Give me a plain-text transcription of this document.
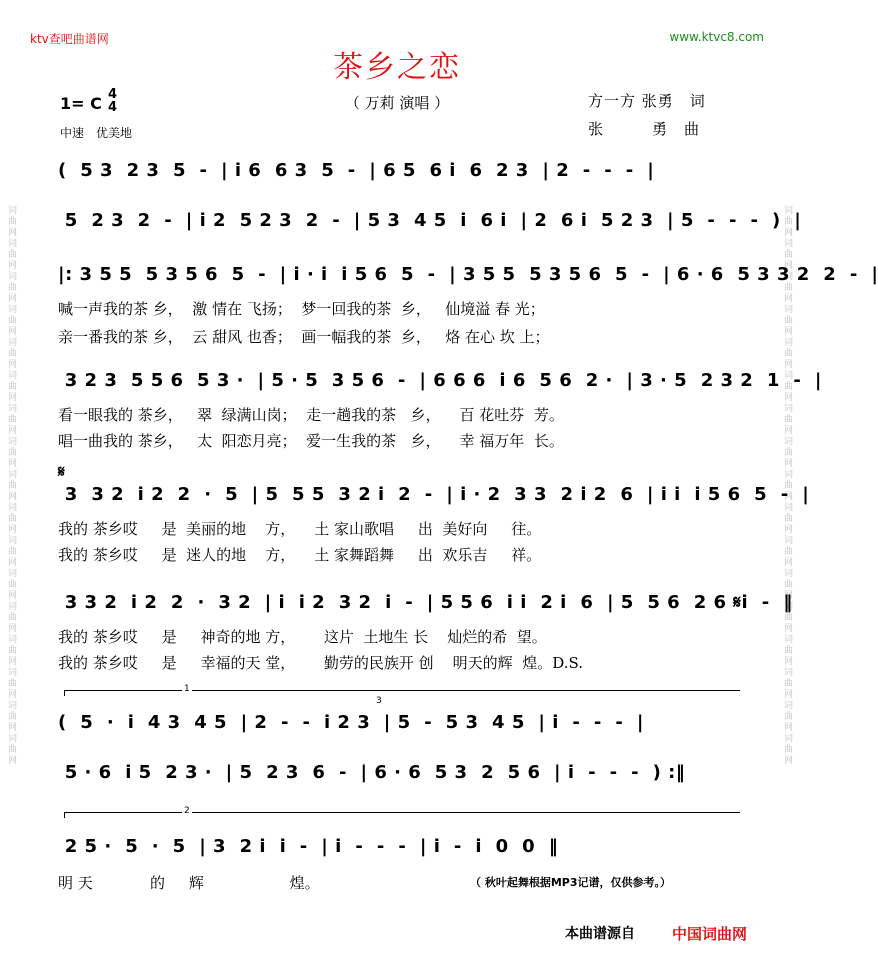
词曲网词曲网词曲网词曲网词曲网词曲网词曲网词曲网词曲网词曲网词曲网词曲网词曲网词曲网词曲网词曲网词曲网	词曲网词曲网词曲网词曲网词曲网词曲网词曲网词曲网词曲网词曲网词曲网词曲网词曲网词曲网词曲网词曲网词曲网
ktv查吧曲谱网	www.ktvc8.com
茶乡之恋
（ 万莉 演唱 ）
1= C 4
4
中速　优美地
方一方 张勇　词
张　　　勇　曲
(  5 3  2 3  5  -  | i 6  6 3  5  -  | 6 5  6 i  6  2 3  | 2  -  -  -  |
5  2 3  2  -  | i 2  5 2 3  2  -  | 5 3  4 5  i  6 i  | 2  6 i  5 2 3  | 5  -  -  -  )  |
|: 3 5 5  5 3 5 6  5  -  | i · i  i 5 6  5  -  | 3 5 5  5 3 5 6  5  -  | 6 · 6  5 3 3 2  2  -  |
喊一声我的茶 乡，  激 情在 飞扬；  梦一回我的茶  乡，   仙境溢 春 光；
亲一番我的茶 乡，  云 甜风 也香；  画一幅我的茶  乡，   烙 在心 坎 上；
3 2 3  5 5 6  5 3 ·  | 5 · 5  3 5 6  -  | 6 6 6  i 6  5 6  2 ·  | 3 · 5  2 3 2  1  -  |
看一眼我的 茶乡，   翠  绿满山岗；  走一趟我的茶   乡，    百 花吐芬  芳。
唱一曲我的 茶乡，   太  阳恋月亮；  爱一生我的茶   乡，    幸 福万年  长。
𝄋
3  3 2  i 2  2  ·  5  | 5  5 5  3 2 i  2  -  | i · 2  3 3  2 i 2  6  | i i  i 5 6  5  -  |
我的 茶乡哎     是  美丽的地    方，    土 家山歌唱     出  美好向     往。
我的 茶乡哎     是  迷人的地    方，    土 家舞蹈舞     出  欢乐吉     祥。
3 3 2  i 2  2  ·  3 2  | i  i 2  3 2  i  -  | 5 5 6  i i  2 i  6  | 5  5 6  2 6 𝄋i  -  ‖
我的 茶乡哎     是     神奇的地 方，      这片  土地生 长    灿烂的希  望。
我的 茶乡哎     是     幸福的天 堂，      勤劳的民族开 创    明天的辉  煌。D.S.
1
3
(  5  ·  i  4 3  4 5  | 2  -  -  i 2 3  | 5  -  5 3  4 5  | i  -  -  -  |
5 · 6  i 5  2 3 ·  | 5  2 3  6  -  | 6 · 6  5 3  2  5 6  | i  -  -  -  ) :‖
2
2 5 ·  5  ·  5  | 3  2 i  i  -  | i  -  -  -  | i  -  i  0  0  ‖
明 天            的     辉                  煌。	（ 秋叶起舞根据MP3记谱，仅供参考。）
本曲谱源自 中国词曲网
